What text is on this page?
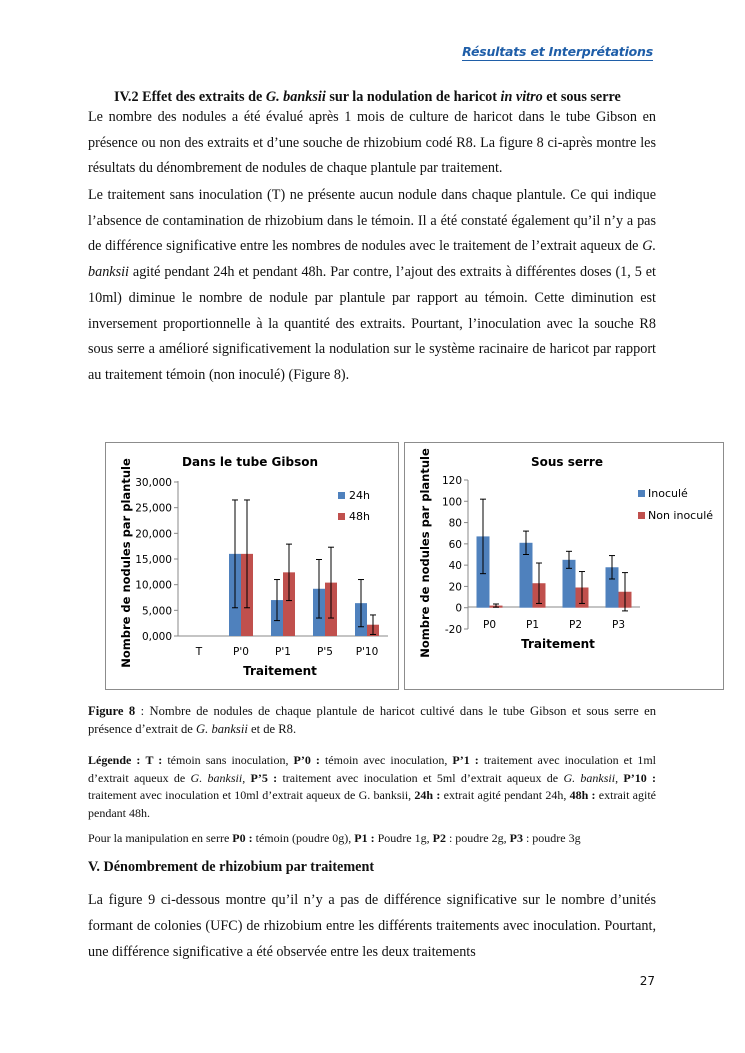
Résultats et Interprétations
IV.2 Effet des extraits de G. banksii sur la nodulation de haricot in vitro et sous serre

Le nombre des nodules a été évalué après 1 mois de culture de haricot dans le tube Gibson en présence ou non des extraits et d’une souche de rhizobium codé R8. La figure 8 ci-après montre les résultats du dénombrement de nodules de chaque plantule par traitement.

Le traitement sans inoculation (T) ne présente aucun nodule dans chaque plantule. Ce qui indique l’absence de contamination de rhizobium dans le témoin. Il a été constaté également qu’il n’y a pas de différence significative entre les nombres de nodules avec le traitement de l’extrait aqueux de G. banksii agité pendant 24h et pendant 48h. Par contre, l’ajout des extraits à différentes doses (1, 5 et 10ml) diminue le nombre de nodule par plantule par rapport au témoin. Cette diminution est inversement proportionnelle à la quantité des extraits. Pourtant, l’inoculation avec la souche R8 sous serre a amélioré significativement la nodulation sur le système racinaire de haricot par rapport au traitement témoin (non inoculé) (Figure 8).

Dans le tube Gibson
0,000
5,000
10,000
15,000
20,000
25,000
30,000
T	P'0 P'1 P'5 P'10
Traitement
Nombre de nodules par plantule	24h
48h
Sous serre
-20
0
20
40
60
80
100
120
P0	P1	P2	P3
Traitement
Nombre de nodules par plantule	Inoculé
Non inoculé

Figure 8 : Nombre de nodules de chaque plantule de haricot cultivé dans le tube Gibson et sous serre en présence d’extrait de G. banksii et de R8.

Légende : T : témoin sans inoculation, P’0 : témoin avec inoculation, P’1 : traitement avec inoculation et 1ml d’extrait aqueux de G. banksii, P’5 : traitement avec inoculation et 5ml d’extrait aqueux de G. banksii, P’10 : traitement avec inoculation et 10ml d’extrait aqueux de G. banksii, 24h : extrait agité pendant 24h, 48h : extrait agité pendant 48h.

Pour la manipulation en serre P0 : témoin (poudre 0g), P1 : Poudre 1g, P2 : poudre 2g, P3 : poudre 3g

V. Dénombrement de rhizobium par traitement

La figure 9 ci-dessous montre qu’il n’y a pas de différence significative sur le nombre d’unités formant de colonies (UFC) de rhizobium entre les différents traitements avec inoculation. Pourtant, une différence significative a été observée entre les deux traitements

27
